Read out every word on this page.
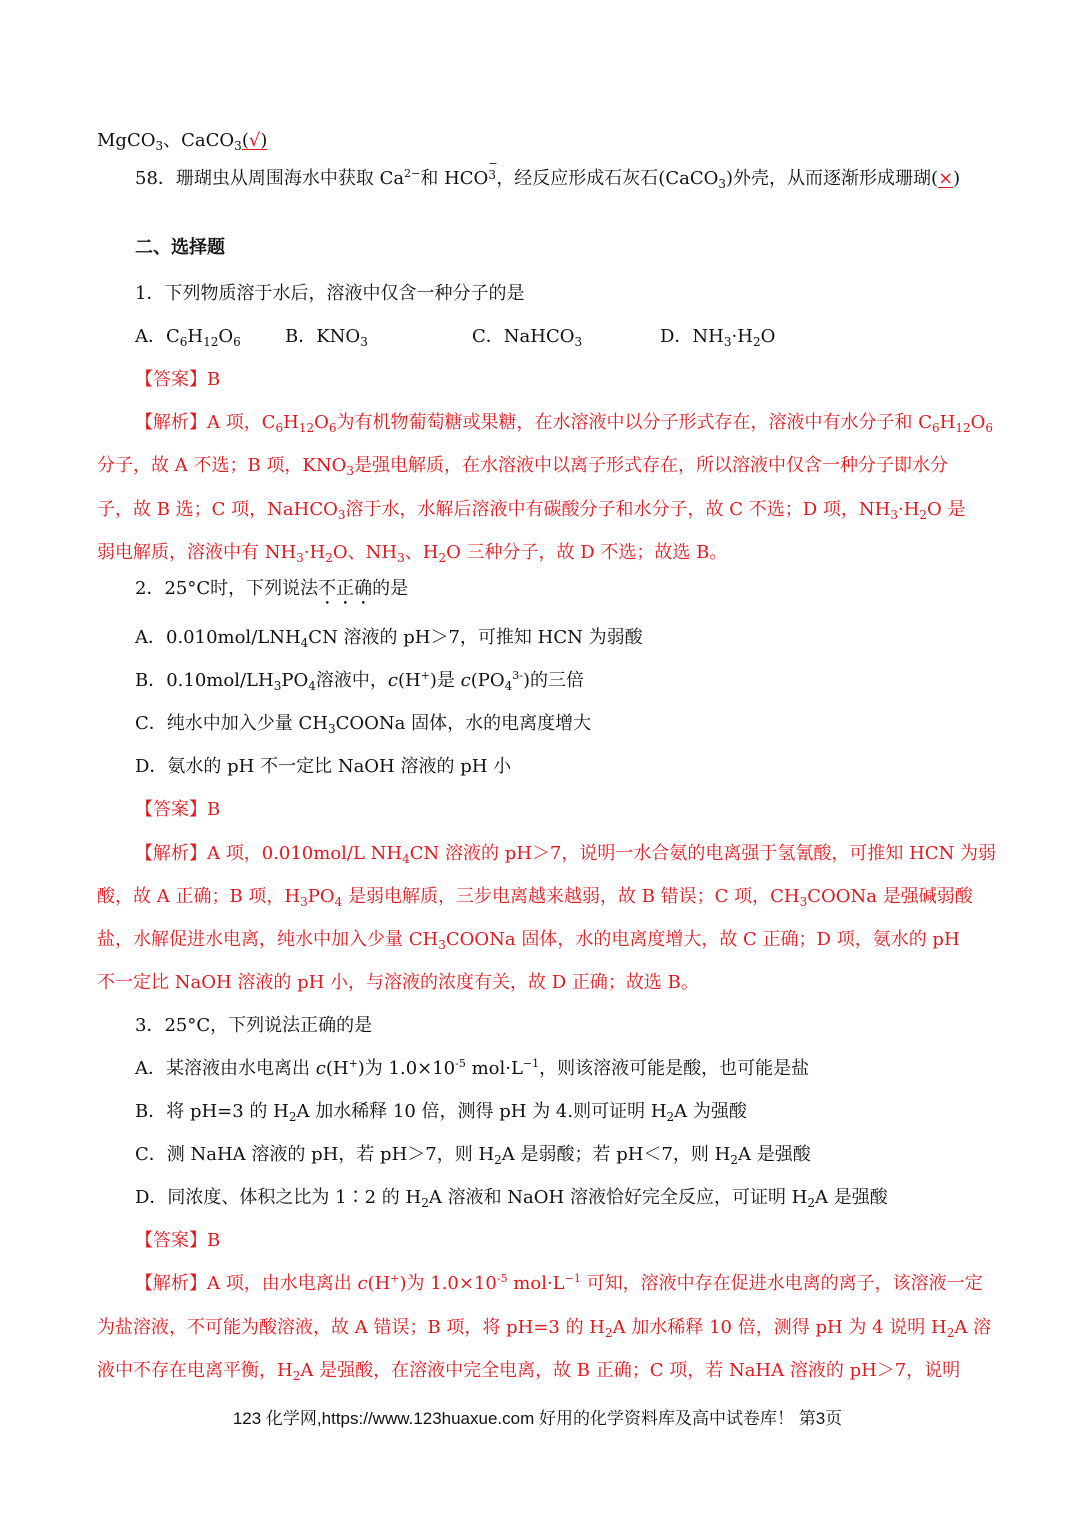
MgCO$_3$、CaCO$_3$(√)
58．珊瑚虫从周围海水中获取 $Ca^{2-}$和 HCO
−
3 ，经反应形成石灰石(CaCO$_3$)外壳，从而逐渐形成珊瑚(×)
二、选择题
1．下列物质溶于水后，溶液中仅含一种分子的是
A．$C_6H_{12}O_6$ B．$KNO_3$	C．NaHCO$_3$	D．$NH_3\cdot H_2O$
【答案】B
【解析】A 项，$C_6H_{12}O_6$为有机物葡萄糖或果糖，在水溶液中以分子形式存在，溶液中有水分子和 $C_6H_{12}O_6$
分子，故 A 不选；B 项，$KNO_3$是强电解质，在水溶液中以离子形式存在，所以溶液中仅含一种分子即水分
子，故 B 选；C 项，NaHCO$_3$溶于水，水解后溶液中有碳酸分子和水分子，故 C 不选；D 项，$NH_3\cdot H_2O$ 是
弱电解质，溶液中有 $NH_3\cdot H_2O$、$NH_3$、$H_2O$ 三种分子，故 D 不选；故选 B。
2．25°C时，下列说法不正确的是
A．$0.010mol/LNH_4CN$ 溶液的 pH＞7，可推知 HCN 为弱酸
B．$0.10mol/LH_3PO_4$溶液中，c(H+)是 $c(PO_4^{3-})$的三倍
C．纯水中加入少量 $CH_3COONa$ 固体，水的电离度增大
D．氨水的 pH 不一定比 NaOH 溶液的 pH 小
【答案】B
【解析】A 项，0.010mol/L $NH_4CN$ 溶液的 pH＞7，说明一水合氨的电离强于氢氰酸，可推知 HCN 为弱
酸，故 A 正确；B 项，$H_3PO_4$ 是弱电解质，三步电离越来越弱，故 B 错误；C 项，$CH_3COONa$ 是强碱弱酸
盐，水解促进水电离，纯水中加入少量 $CH_3COONa$ 固体，水的电离度增大，故 C 正确；D 项，氨水的 pH
不一定比 NaOH 溶液的 pH 小，与溶液的浓度有关，故 D 正确；故选 B。
3．25°C，下列说法正确的是
A．某溶液由水电离出 c(H+)为 $1.0\times 10^{-5}$ $mol\cdot L^{-1}$，则该溶液可能是酸，也可能是盐
B．将 pH=3 的 $H_2A$ 加水稀释 10 倍，测得 pH 为 4.则可证明 $H_2A$ 为强酸
C．测 NaHA 溶液的 pH，若 pH＞7，则 $H_2A$ 是弱酸；若 pH＜7，则 $H_2A$ 是强酸
D．同浓度、体积之比为 1∶2 的 $H_2A$ 溶液和 NaOH 溶液恰好完全反应，可证明 $H_2A$ 是强酸
【答案】B
【解析】A 项，由水电离出 c(H+)为 $1.0\times 10^{-5}$ $mol\cdot L^{-1}$ 可知，溶液中存在促进水电离的离子，该溶液一定
为盐溶液，不可能为酸溶液，故 A 错误；B 项，将 pH=3 的 $H_2A$ 加水稀释 10 倍，测得 pH 为 4 说明 $H_2A$ 溶
液中不存在电离平衡，$H_2A$ 是强酸，在溶液中完全电离，故 B 正确；C 项，若 NaHA 溶液的 pH＞7，说明
123 化学网,https://www.123huaxue.com 好用的化学资料库及高中试卷库！ 第3页
